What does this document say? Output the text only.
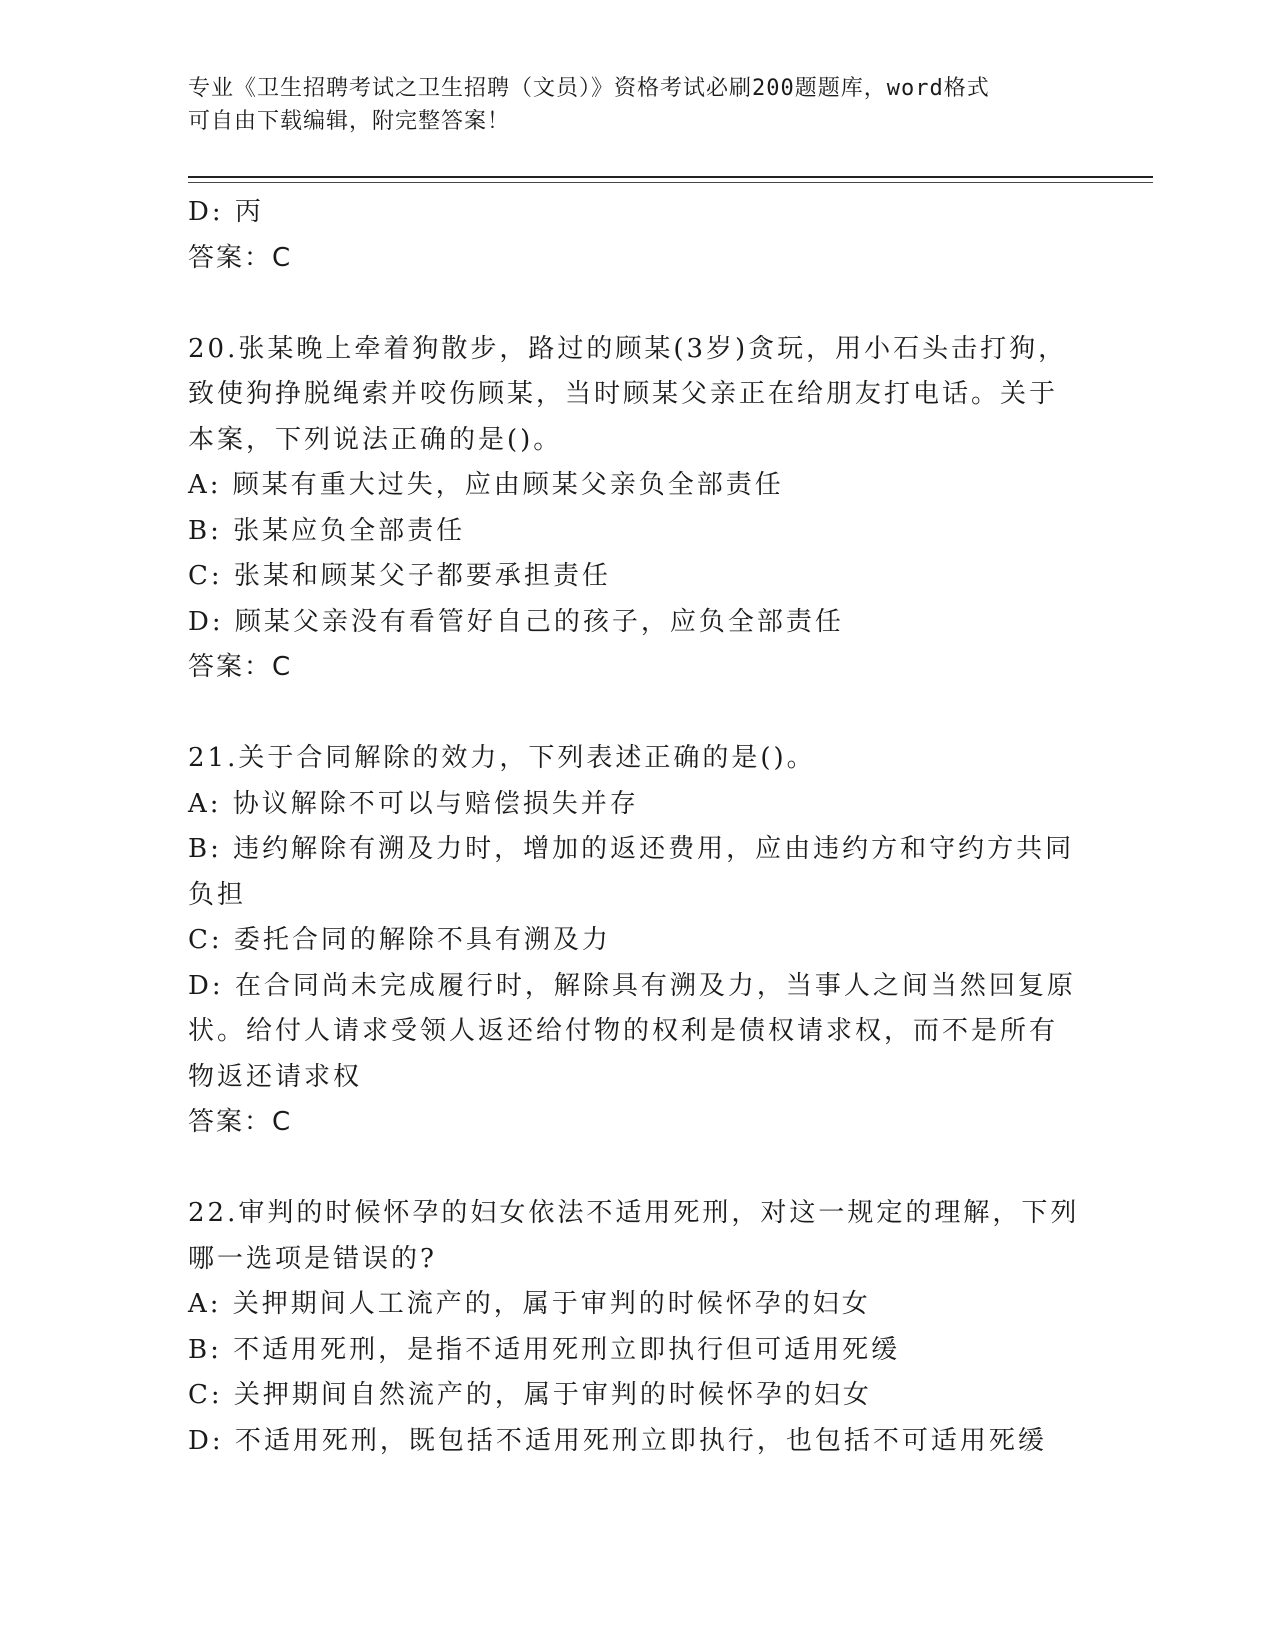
专业《卫生招聘考试之卫生招聘（文员）》资格考试必刷200题题库，word格式
可自由下载编辑，附完整答案！
D: 丙
答案：C
20.张某晚上牵着狗散步，路过的顾某(3岁)贪玩，用小石头击打狗，
致使狗挣脱绳索并咬伤顾某，当时顾某父亲正在给朋友打电话。关于
本案，下列说法正确的是()。
A: 顾某有重大过失，应由顾某父亲负全部责任
B: 张某应负全部责任
C: 张某和顾某父子都要承担责任
D: 顾某父亲没有看管好自己的孩子，应负全部责任
答案：C
21.关于合同解除的效力，下列表述正确的是()。
A: 协议解除不可以与赔偿损失并存
B: 违约解除有溯及力时，增加的返还费用，应由违约方和守约方共同
负担
C: 委托合同的解除不具有溯及力
D: 在合同尚未完成履行时，解除具有溯及力，当事人之间当然回复原
状。给付人请求受领人返还给付物的权利是债权请求权，而不是所有
物返还请求权
答案：C
22.审判的时候怀孕的妇女依法不适用死刑，对这一规定的理解，下列
哪一选项是错误的?
A: 关押期间人工流产的，属于审判的时候怀孕的妇女
B: 不适用死刑，是指不适用死刑立即执行但可适用死缓
C: 关押期间自然流产的，属于审判的时候怀孕的妇女
D: 不适用死刑，既包括不适用死刑立即执行，也包括不可适用死缓
